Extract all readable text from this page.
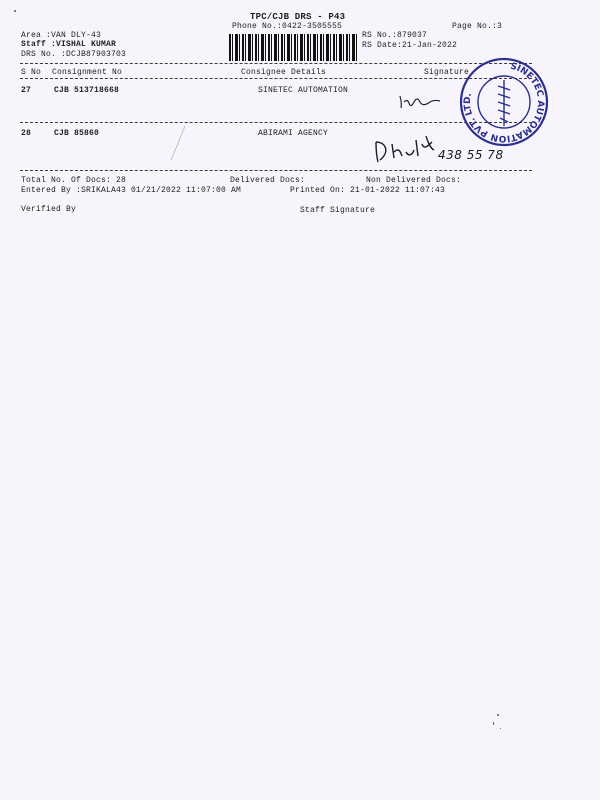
TPC/CJB DRS - P43
Phone No.:0422-3505555	Page No.:3
Area :VAN DLY-43
Staff :VISHAL KUMAR
DRS No. :DCJB87903703
RS No.:879037
RS Date:21-Jan-2022
S No Consignment No	Consignee Details	Signature
27	CJB 513718668	SINETEC AUTOMATION
SINETEC AUTOMATION PVT. LTD.
28	CJB 85860	ABIRAMI AGENCY
438 55 78
Total No. Of Docs: 28	Delivered Docs:	Non Delivered Docs:
Entered By :SRIKALA43 01/21/2022 11:07:00 AM	Printed On: 21-01-2022 11:07:43
Verified By	Staff Signature
